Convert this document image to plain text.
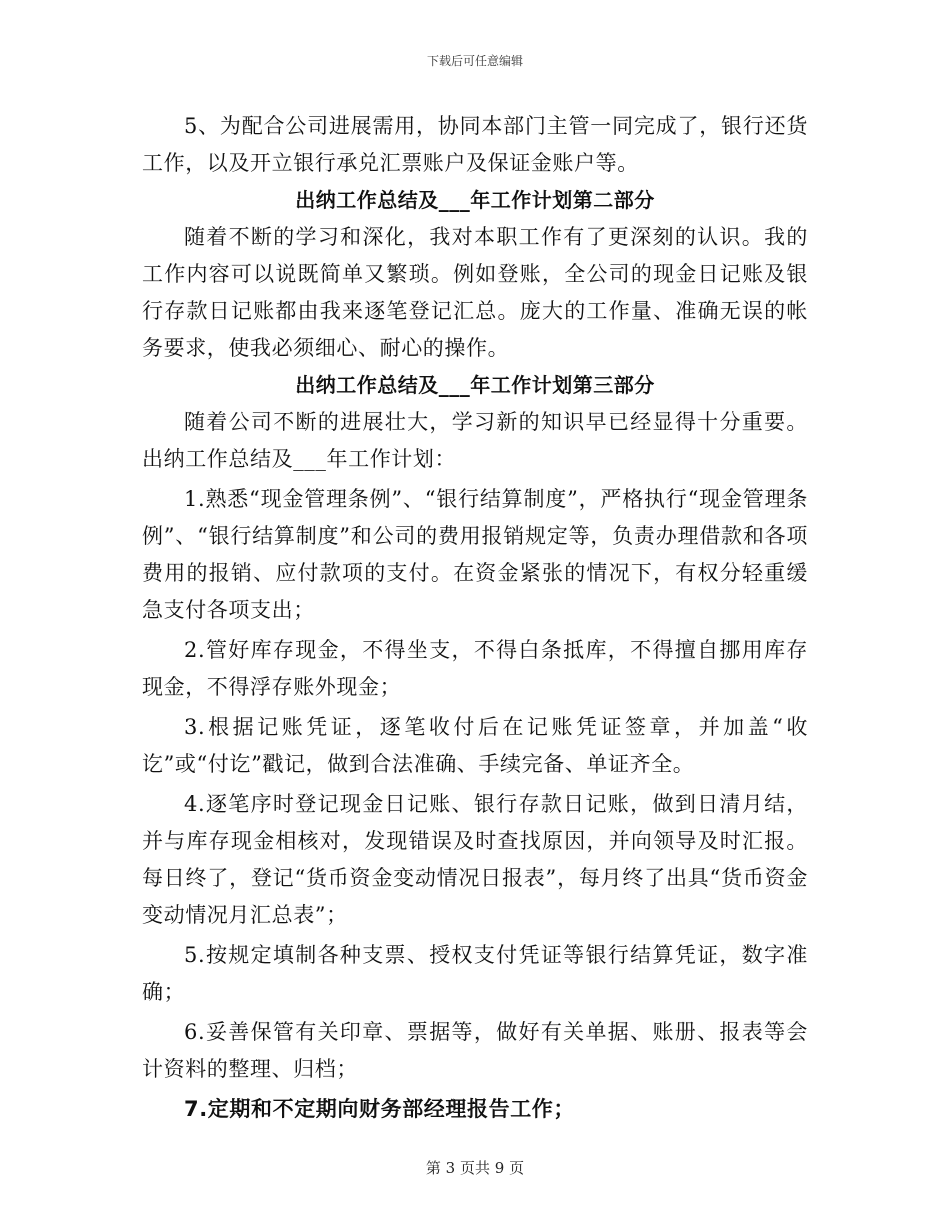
下载后可任意编辑

5、为配合公司进展需用，协同本部门主管一同完成了，银行还货工作，以及开立银行承兑汇票账户及保证金账户等。

出纳工作总结及___年工作计划第二部分

随着不断的学习和深化，我对本职工作有了更深刻的认识。我的工作内容可以说既简单又繁琐。例如登账，全公司的现金日记账及银行存款日记账都由我来逐笔登记汇总。庞大的工作量、准确无误的帐务要求，使我必须细心、耐心的操作。

出纳工作总结及___年工作计划第三部分

随着公司不断的进展壮大，学习新的知识早已经显得十分重要。出纳工作总结及___年工作计划：

1.熟悉“现金管理条例”、“银行结算制度”，严格执行“现金管理条例”、“银行结算制度”和公司的费用报销规定等，负责办理借款和各项费用的报销、应付款项的支付。在资金紧张的情况下，有权分轻重缓急支付各项支出；

2.管好库存现金，不得坐支，不得白条抵库，不得擅自挪用库存现金，不得浮存账外现金；

3.根据记账凭证，逐笔收付后在记账凭证签章，并加盖“收讫”或“付讫”戳记，做到合法准确、手续完备、单证齐全。

4.逐笔序时登记现金日记账、银行存款日记账，做到日清月结，并与库存现金相核对，发现错误及时查找原因，并向领导及时汇报。每日终了，登记“货币资金变动情况日报表”，每月终了出具“货币资金变动情况月汇总表”；

5.按规定填制各种支票、授权支付凭证等银行结算凭证，数字准确；

6.妥善保管有关印章、票据等，做好有关单据、账册、报表等会计资料的整理、归档；

7.定期和不定期向财务部经理报告工作；

第 3 页共 9 页
